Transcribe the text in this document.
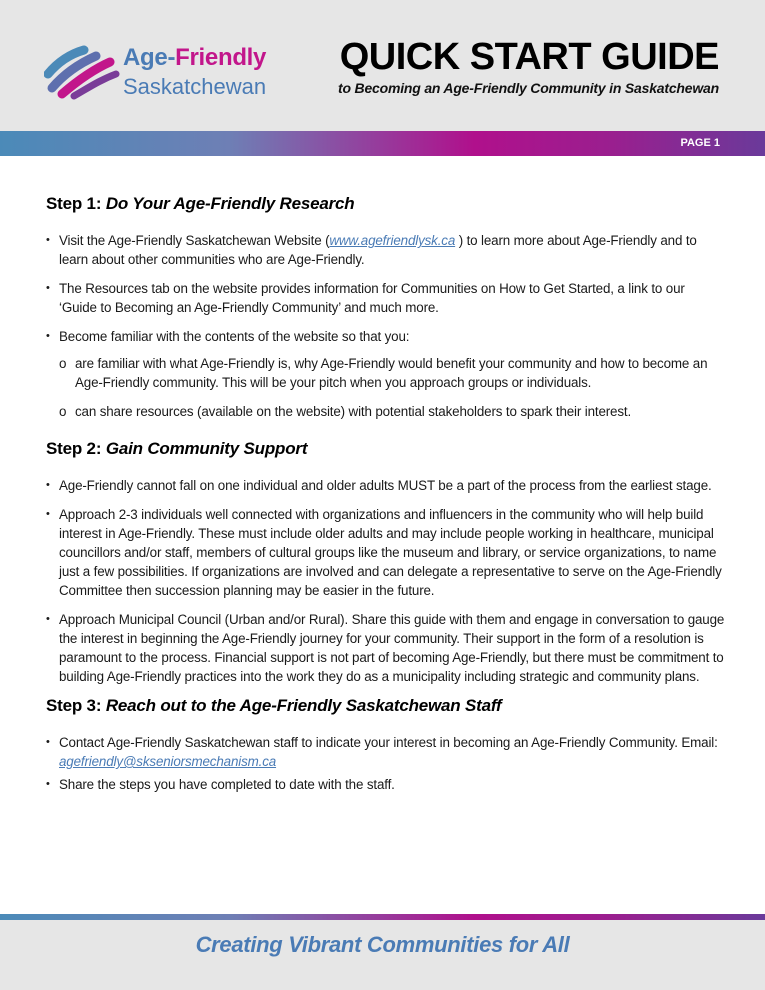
Age-Friendly
Saskatchewan
QUICK START GUIDE
to Becoming an Age-Friendly Community in Saskatchewan
PAGE 1
Step 1: Do Your Age-Friendly Research
• Visit the Age-Friendly Saskatchewan Website (www.agefriendlysk.ca ) to learn more about Age-Friendly and to learn about other communities who are Age-Friendly.
• The Resources tab on the website provides information for Communities on How to Get Started, a link to our ‘Guide to Becoming an Age-Friendly Community’ and much more.
• Become familiar with the contents of the website so that you:
o are familiar with what Age-Friendly is, why Age-Friendly would benefit your community and how to become an Age-Friendly community. This will be your pitch when you approach groups or individuals.
o can share resources (available on the website) with potential stakeholders to spark their interest.
Step 2: Gain Community Support
• Age-Friendly cannot fall on one individual and older adults MUST be a part of the process from the earliest stage.
• Approach 2-3 individuals well connected with organizations and influencers in the community who will help build interest in Age-Friendly. These must include older adults and may include people working in healthcare, municipal councillors and/or staff, members of cultural groups like the museum and library, or service organizations, to name just a few possibilities. If organizations are involved and can delegate a representative to serve on the Age-Friendly Committee then succession planning may be easier in the future.
• Approach Municipal Council (Urban and/or Rural). Share this guide with them and engage in conversation to gauge the interest in beginning the Age-Friendly journey for your community. Their support in the form of a resolution is paramount to the process. Financial support is not part of becoming Age-Friendly, but there must be commitment to building Age-Friendly practices into the work they do as a municipality including strategic and community plans.
Step 3: Reach out to the Age-Friendly Saskatchewan Staff
• Contact Age-Friendly Saskatchewan staff to indicate your interest in becoming an Age-Friendly Community. Email: agefriendly@skseniorsmechanism.ca
• Share the steps you have completed to date with the staff.
Creating Vibrant Communities for All
